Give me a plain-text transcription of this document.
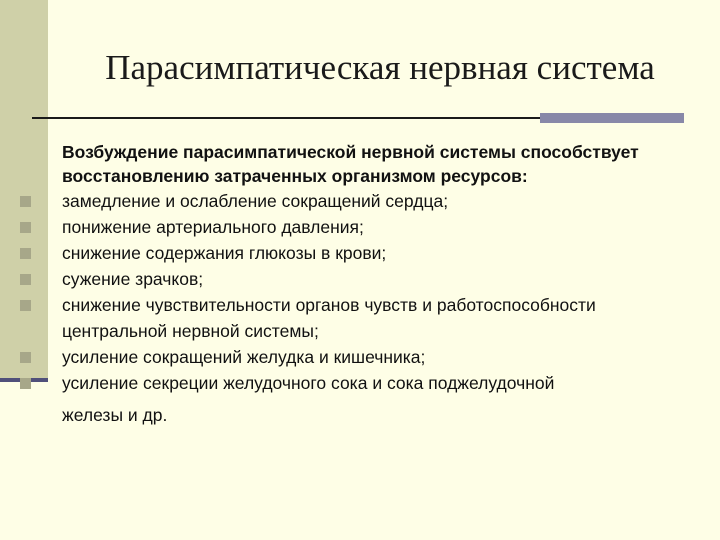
Парасимпатическая нервная система

Возбуждение парасимпатической нервной системы способствует восстановлению затраченных организмом ресурсов:

замедление и ослабление сокращений сердца;
понижение артериального давления;
снижение содержания глюкозы в крови;
сужение зрачков;
снижение чувствительности органов чувств и работоспособности центральной нервной системы;
усиление сокращений желудка и кишечника;
усиление секреции желудочного сока и сока поджелудочной

железы и др.
